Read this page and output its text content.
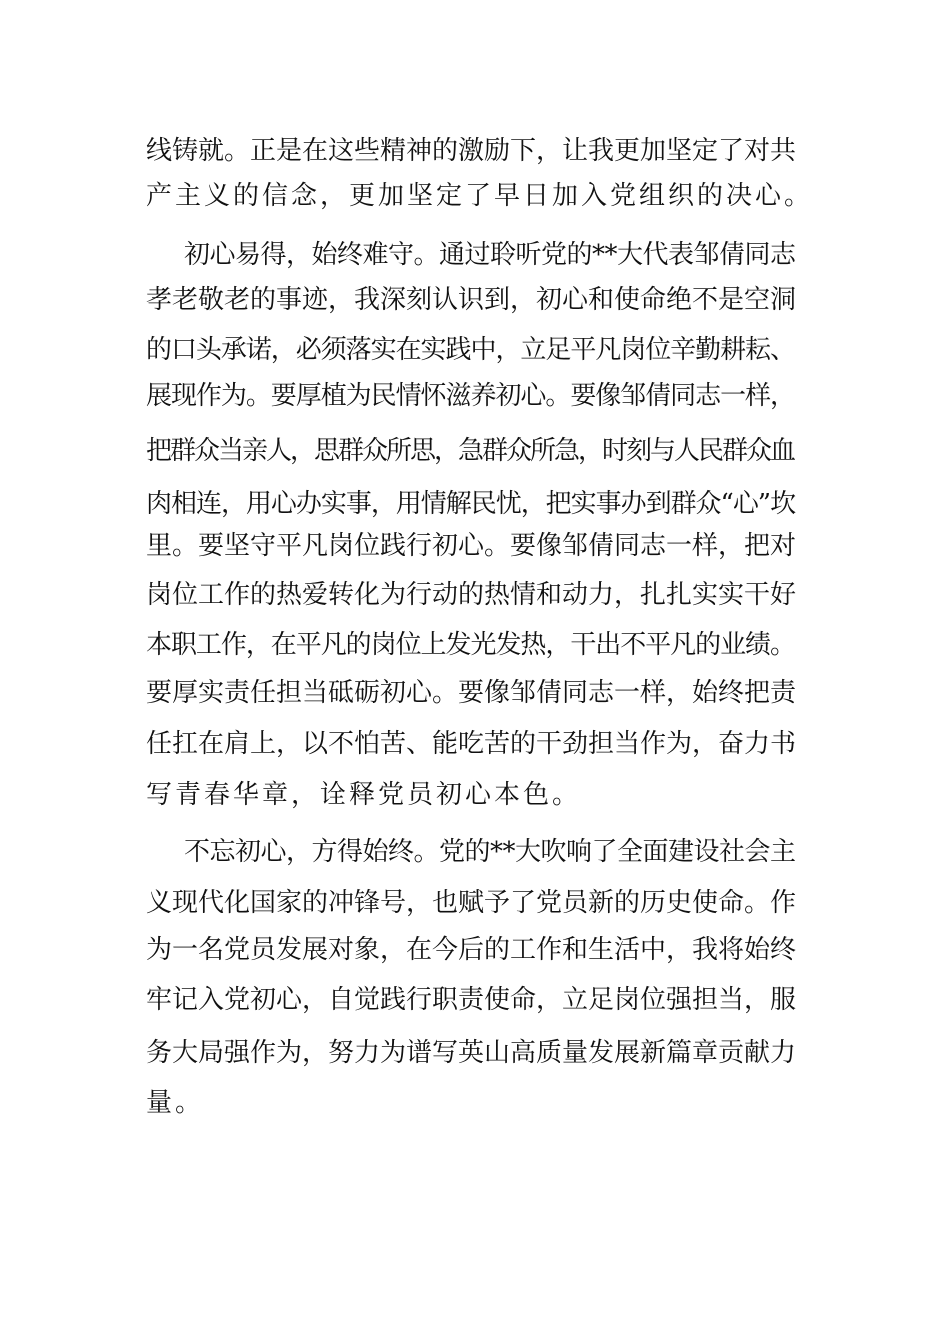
线铸就。正是在这些精神的激励下，让我更加坚定了对共
产主义的信念，更加坚定了早日加入党组织的决心。
初心易得，始终难守。通过聆听党的**大代表邹倩同志
孝老敬老的事迹，我深刻认识到，初心和使命绝不是空洞
的口头承诺，必须落实在实践中，立足平凡岗位辛勤耕耘、
展现作为。要厚植为民情怀滋养初心。要像邹倩同志一样，
把群众当亲人，思群众所思，急群众所急，时刻与人民群众血
肉相连，用心办实事，用情解民忧，把实事办到群众“心”坎
里。要坚守平凡岗位践行初心。要像邹倩同志一样，把对
岗位工作的热爱转化为行动的热情和动力，扎扎实实干好
本职工作，在平凡的岗位上发光发热，干出不平凡的业绩。
要厚实责任担当砥砺初心。要像邹倩同志一样，始终把责
任扛在肩上，以不怕苦、能吃苦的干劲担当作为，奋力书
写青春华章，诠释党员初心本色。
不忘初心，方得始终。党的**大吹响了全面建设社会主
义现代化国家的冲锋号，也赋予了党员新的历史使命。作
为一名党员发展对象，在今后的工作和生活中，我将始终
牢记入党初心，自觉践行职责使命，立足岗位强担当，服
务大局强作为，努力为谱写英山高质量发展新篇章贡献力
量。
